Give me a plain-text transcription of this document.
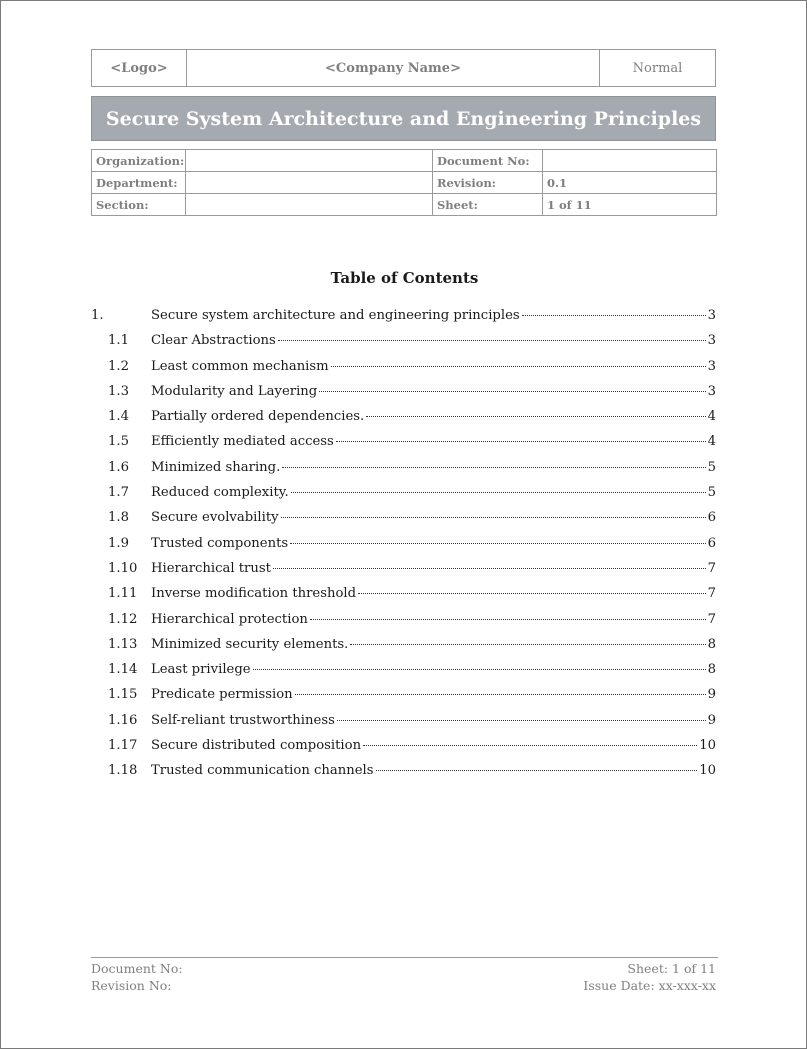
<Logo>	<Company Name>	Normal
Secure System Architecture and Engineering Principles
Organization:		Document No:	
Department:		Revision:	0.1
Section:		Sheet:	1 of 11
Table of Contents
1.	Secure system architecture and engineering principles	3
1.1	Clear Abstractions	3
1.2	Least common mechanism	3
1.3	Modularity and Layering	3
1.4	Partially ordered dependencies.	4
1.5	Efficiently mediated access	4
1.6	Minimized sharing.	5
1.7	Reduced complexity.	5
1.8	Secure evolvability	6
1.9	Trusted components	6
1.10	Hierarchical trust	7
1.11	Inverse modification threshold	7
1.12	Hierarchical protection	7
1.13	Minimized security elements.	8
1.14	Least privilege	8
1.15	Predicate permission	9
1.16	Self-reliant trustworthiness	9
1.17	Secure distributed composition	10
1.18	Trusted communication channels	10
Document No:
Revision No:
Sheet: 1 of 11
Issue Date: xx-xxx-xx
